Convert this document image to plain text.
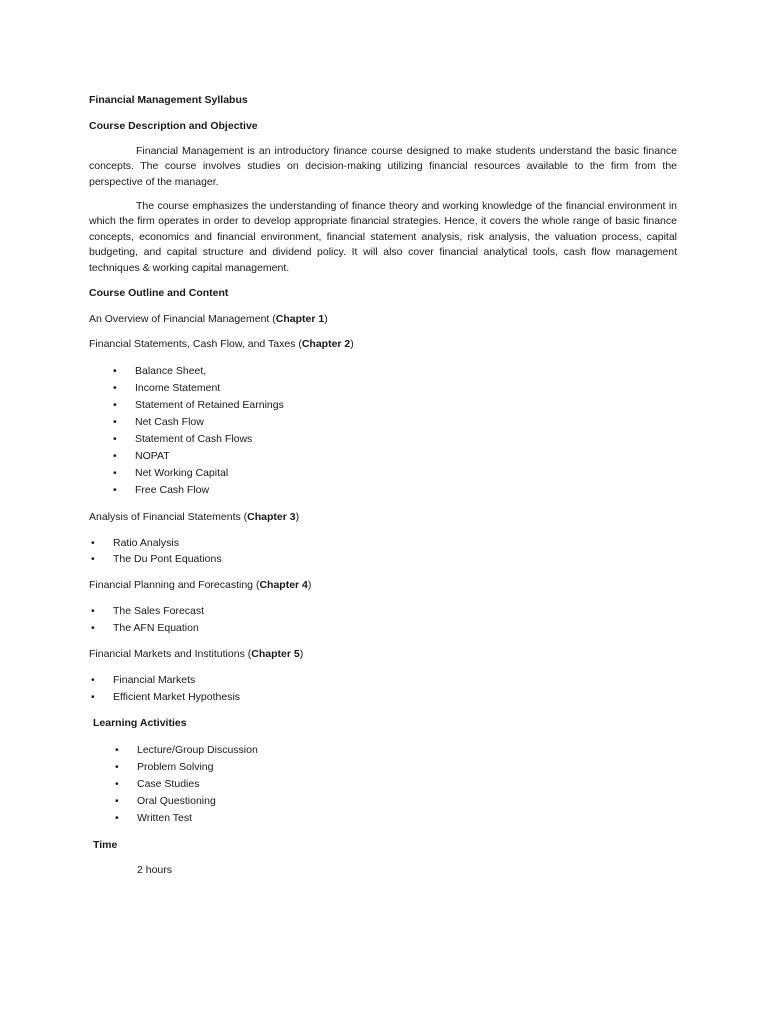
Financial Management Syllabus
Course Description and Objective
Financial Management is an introductory finance course designed to make students understand the basic finance concepts. The course involves studies on decision-making utilizing financial resources available to the firm from the perspective of the manager.
The course emphasizes the understanding of finance theory and working knowledge of the financial environment in which the firm operates in order to develop appropriate financial strategies. Hence, it covers the whole range of basic finance concepts, economics and financial environment, financial statement analysis, risk analysis, the valuation process, capital budgeting, and capital structure and dividend policy. It will also cover financial analytical tools, cash flow management techniques & working capital management.
Course Outline and Content
An Overview of Financial Management (Chapter 1)
Financial Statements, Cash Flow, and Taxes (Chapter 2)
• Balance Sheet,
• Income Statement
• Statement of Retained Earnings
• Net Cash Flow
• Statement of Cash Flows
• NOPAT
• Net Working Capital
• Free Cash Flow
Analysis of Financial Statements (Chapter 3)
• Ratio Analysis
• The Du Pont Equations
Financial Planning and Forecasting (Chapter 4)
• The Sales Forecast
• The AFN Equation
Financial Markets and Institutions (Chapter 5)
• Financial Markets
• Efficient Market Hypothesis
Learning Activities
• Lecture/Group Discussion
• Problem Solving
• Case Studies
• Oral Questioning
• Written Test
Time
2 hours
